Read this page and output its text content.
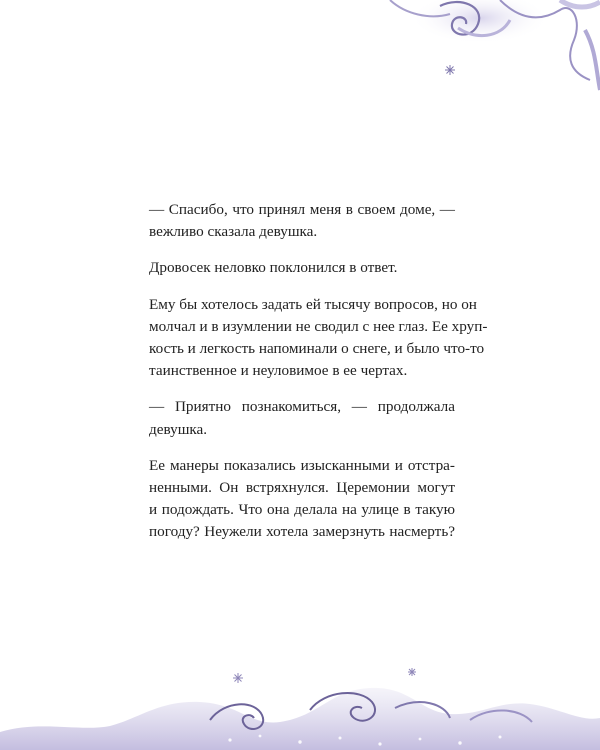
— Спасибо, что принял меня в своем доме, —
вежливо сказала девушка.

Дровосек неловко поклонился в ответ.

Ему бы хотелось задать ей тысячу вопросов, но он
молчал и в изумлении не сводил с нее глаз. Ее хруп-
кость и легкость напоминали о снеге, и было что-то
таинственное и неуловимое в ее чертах.

— Приятно познакомиться, — продолжала
девушка.

Ее манеры показались изысканными и отстра-
ненными. Он встряхнулся. Церемонии могут
и подождать. Что она делала на улице в такую
погоду? Неужели хотела замерзнуть насмерть?
